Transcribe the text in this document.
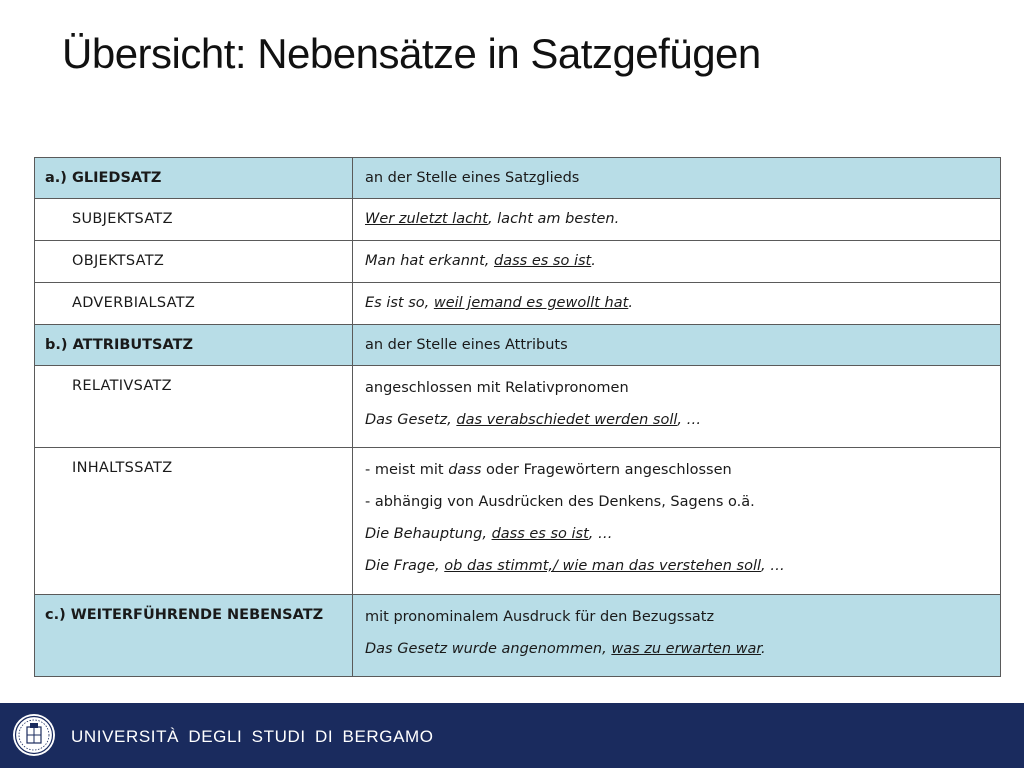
Übersicht: Nebensätze in Satzgefügen
a.) GLIEDSATZ	an der Stelle eines Satzglieds

SUBJEKTSATZ	Wer zuletzt lacht, lacht am besten.

OBJEKTSATZ	Man hat erkannt, dass es so ist.

ADVERBIALSATZ	Es ist so, weil jemand es gewollt hat.

b.) ATTRIBUTSATZ	an der Stelle eines Attributs

RELATIVSATZ	angeschlossen mit Relativpronomen
Das Gesetz, das verabschiedet werden soll, …

INHALTSSATZ	- meist mit dass oder Fragewörtern angeschlossen
- abhängig von Ausdrücken des Denkens, Sagens o.ä.
Die Behauptung, dass es so ist, …
Die Frage, ob das stimmt,/ wie man das verstehen soll, …

c.) WEITERFÜHRENDE NEBENSATZ	mit pronominalem Ausdruck für den Bezugssatz
Das Gesetz wurde angenommen, was zu erwarten war.
UNIVERSITÀ DEGLI STUDI DI BERGAMO
